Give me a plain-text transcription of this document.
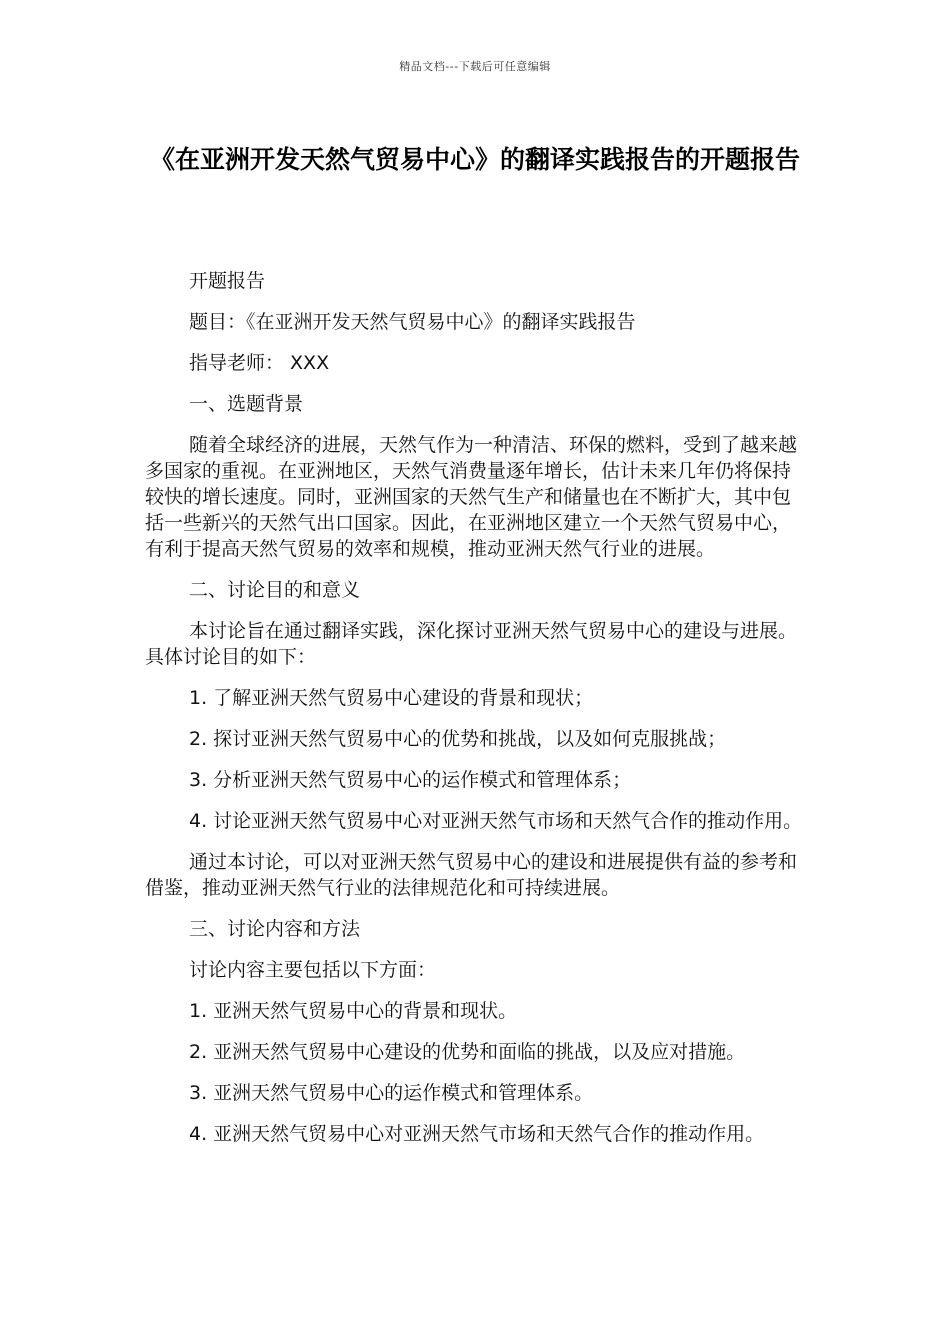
精品文档---下载后可任意编辑
《在亚洲开发天然气贸易中心》的翻译实践报告的开题报告

开题报告

题目：《在亚洲开发天然气贸易中心》的翻译实践报告

指导老师： XXX

一、选题背景

随着全球经济的进展，天然气作为一种清洁、环保的燃料，受到了越来越多国家的重视。在亚洲地区，天然气消费量逐年增长，估计未来几年仍将保持较快的增长速度。同时，亚洲国家的天然气生产和储量也在不断扩大，其中包括一些新兴的天然气出口国家。因此，在亚洲地区建立一个天然气贸易中心，有利于提高天然气贸易的效率和规模，推动亚洲天然气行业的进展。

二、讨论目的和意义

本讨论旨在通过翻译实践，深化探讨亚洲天然气贸易中心的建设与进展。具体讨论目的如下：

1. 了解亚洲天然气贸易中心建设的背景和现状；

2. 探讨亚洲天然气贸易中心的优势和挑战，以及如何克服挑战；

3. 分析亚洲天然气贸易中心的运作模式和管理体系；

4. 讨论亚洲天然气贸易中心对亚洲天然气市场和天然气合作的推动作用。

通过本讨论，可以对亚洲天然气贸易中心的建设和进展提供有益的参考和借鉴，推动亚洲天然气行业的法律规范化和可持续进展。

三、讨论内容和方法

讨论内容主要包括以下方面：

1. 亚洲天然气贸易中心的背景和现状。

2. 亚洲天然气贸易中心建设的优势和面临的挑战，以及应对措施。

3. 亚洲天然气贸易中心的运作模式和管理体系。

4. 亚洲天然气贸易中心对亚洲天然气市场和天然气合作的推动作用。
